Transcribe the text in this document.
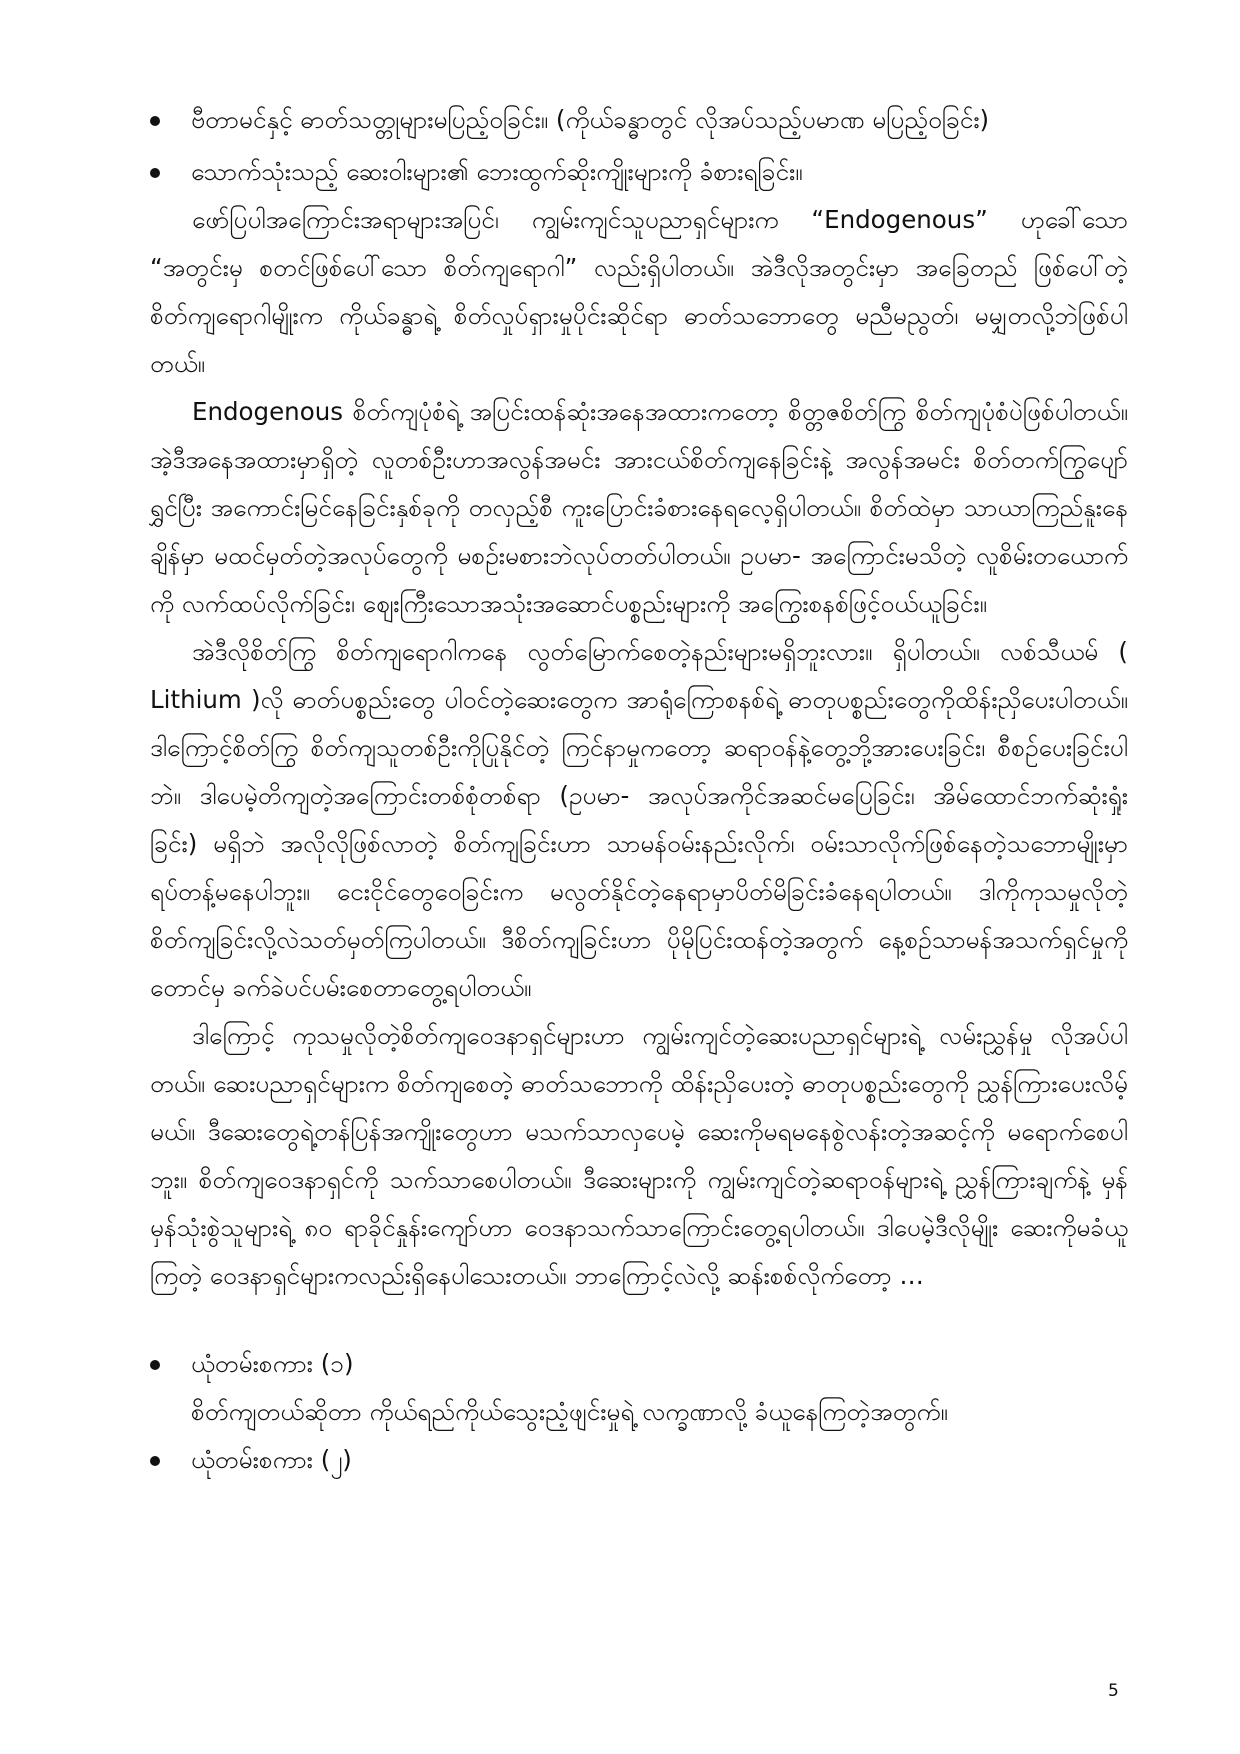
ဗီတာမင်နှင့် ဓာတ်သတ္တုများမပြည့်ဝခြင်း။ (ကိုယ်ခန္ဓာတွင် လိုအပ်သည့်ပမာဏ မပြည့်ဝခြင်း)

သောက်သုံးသည့် ဆေးဝါးများ၏ ဘေးထွက်ဆိုးကျိုးများကို ခံစားရခြင်း။

ဖော်ပြပါအကြောင်းအရာများအပြင်၊ ကျွမ်းကျင်သူပညာရှင်များက “Endogenous” ဟုခေါ်သော “အတွင်းမှ စတင်ဖြစ်ပေါ်သော စိတ်ကျရောဂါ” လည်းရှိပါတယ်။ အဲဒီလိုအတွင်းမှာ အခြေတည် ဖြစ်ပေါ်တဲ့စိတ်ကျရောဂါမျိုးက ကိုယ်ခန္ဓာရဲ့ စိတ်လှုပ်ရှားမှုပိုင်းဆိုင်ရာ ဓာတ်သဘောတွေ မညီမညွတ်၊ မမျှတလို့ဘဲဖြစ်ပါတယ်။

Endogenous စိတ်ကျပုံစံရဲ့ အပြင်းထန်ဆုံးအနေအထားကတော့ စိတ္တဇစိတ်ကြွ စိတ်ကျပုံစံပဲဖြစ်ပါတယ်။ အဲ့ဒီအနေအထားမှာရှိတဲ့ လူတစ်ဦးဟာအလွန်အမင်း အားငယ်စိတ်ကျနေခြင်းနဲ့ အလွန်အမင်း စိတ်တက်ကြွပျော်ရွှင်ပြီး အကောင်းမြင်နေခြင်းနှစ်ခုကို တလှည့်စီ ကူးပြောင်းခံစားနေရလေ့ရှိပါတယ်။ စိတ်ထဲမှာ သာယာကြည်နူးနေချိန်မှာ မထင်မှတ်တဲ့အလုပ်တွေကို မစဉ်းမစားဘဲလုပ်တတ်ပါတယ်။ ဥပမာ- အကြောင်းမသိတဲ့ လူစိမ်းတယောက်ကို လက်ထပ်လိုက်ခြင်း၊ ဈေးကြီးသောအသုံးအဆောင်ပစ္စည်းများကို အကြွေးစနစ်ဖြင့်ဝယ်ယူခြင်း။

အဲဒီလိုစိတ်ကြွ စိတ်ကျရောဂါကနေ လွတ်မြောက်စေတဲ့နည်းများမရှိဘူးလား။ ရှိပါတယ်။ လစ်သီယမ် ( Lithium )လို ဓာတ်ပစ္စည်းတွေ ပါဝင်တဲ့ဆေးတွေက အာရုံကြောစနစ်ရဲ့ ဓာတုပစ္စည်းတွေကိုထိန်းညှိပေးပါတယ်။ ဒါကြောင့်စိတ်ကြွ စိတ်ကျသူတစ်ဦးကိုပြုနိုင်တဲ့ ကြင်နာမှုကတော့ ဆရာဝန်နဲ့တွေ့ဘို့အားပေးခြင်း၊ စီစဉ်ပေးခြင်းပါဘဲ။ ဒါပေမဲ့တိကျတဲ့အကြောင်းတစ်စုံတစ်ရာ (ဥပမာ- အလုပ်အကိုင်အဆင်မပြေခြင်း၊ အိမ်ထောင်ဘက်ဆုံးရှုံးခြင်း) မရှိဘဲ အလိုလိုဖြစ်လာတဲ့ စိတ်ကျခြင်းဟာ သာမန်ဝမ်းနည်းလိုက်၊ ဝမ်းသာလိုက်ဖြစ်နေတဲ့သဘောမျိုးမှာ ရပ်တန့်မနေပါဘူး။ ငေးငိုင်တွေဝေခြင်းက မလွတ်နိုင်တဲ့နေရာမှာပိတ်မိခြင်းခံနေရပါတယ်။ ဒါကိုကုသမှုလိုတဲ့ စိတ်ကျခြင်းလို့လဲသတ်မှတ်ကြပါတယ်။ ဒီစိတ်ကျခြင်းဟာ ပိုမိုပြင်းထန်တဲ့အတွက် နေ့စဉ်သာမန်အသက်ရှင်မှုကိုတောင်မှ ခက်ခဲပင်ပမ်းစေတာတွေ့ရပါတယ်။

ဒါကြောင့် ကုသမှုလိုတဲ့စိတ်ကျဝေဒနာရှင်များဟာ ကျွမ်းကျင်တဲ့ဆေးပညာရှင်များရဲ့ လမ်းညွှန်မှု လိုအပ်ပါတယ်။ ဆေးပညာရှင်များက စိတ်ကျစေတဲ့ ဓာတ်သဘောကို ထိန်းညှိပေးတဲ့ ဓာတုပစ္စည်းတွေကို ညွှန်ကြားပေးလိမ့်မယ်။ ဒီဆေးတွေရဲ့တန်ပြန်အကျိုးတွေဟာ မသက်သာလှပေမဲ့ ဆေးကိုမရမနေစွဲလန်းတဲ့အဆင့်ကို မရောက်စေပါဘူး။ စိတ်ကျဝေဒနာရှင်ကို သက်သာစေပါတယ်။ ဒီဆေးများကို ကျွမ်းကျင်တဲ့ဆရာဝန်များရဲ့ ညွှန်ကြားချက်နဲ့ မှန်မှန်သုံးစွဲသူများရဲ့ ၈၀ ရာခိုင်နှုန်းကျော်ဟာ ဝေဒနာသက်သာကြောင်းတွေ့ရပါတယ်။ ဒါပေမဲ့ဒီလိုမျိုး ဆေးကိုမခံယူကြတဲ့ ဝေဒနာရှင်များကလည်းရှိနေပါသေးတယ်။ ဘာကြောင့်လဲလို့ ဆန်းစစ်လိုက်တော့ …

ယုံတမ်းစကား (၁)

စိတ်ကျတယ်ဆိုတာ ကိုယ်ရည်ကိုယ်သွေးညံ့ဖျင်းမှုရဲ့ လက္ခဏာလို့ ခံယူနေကြတဲ့အတွက်။

ယုံတမ်းစကား (၂)

5
